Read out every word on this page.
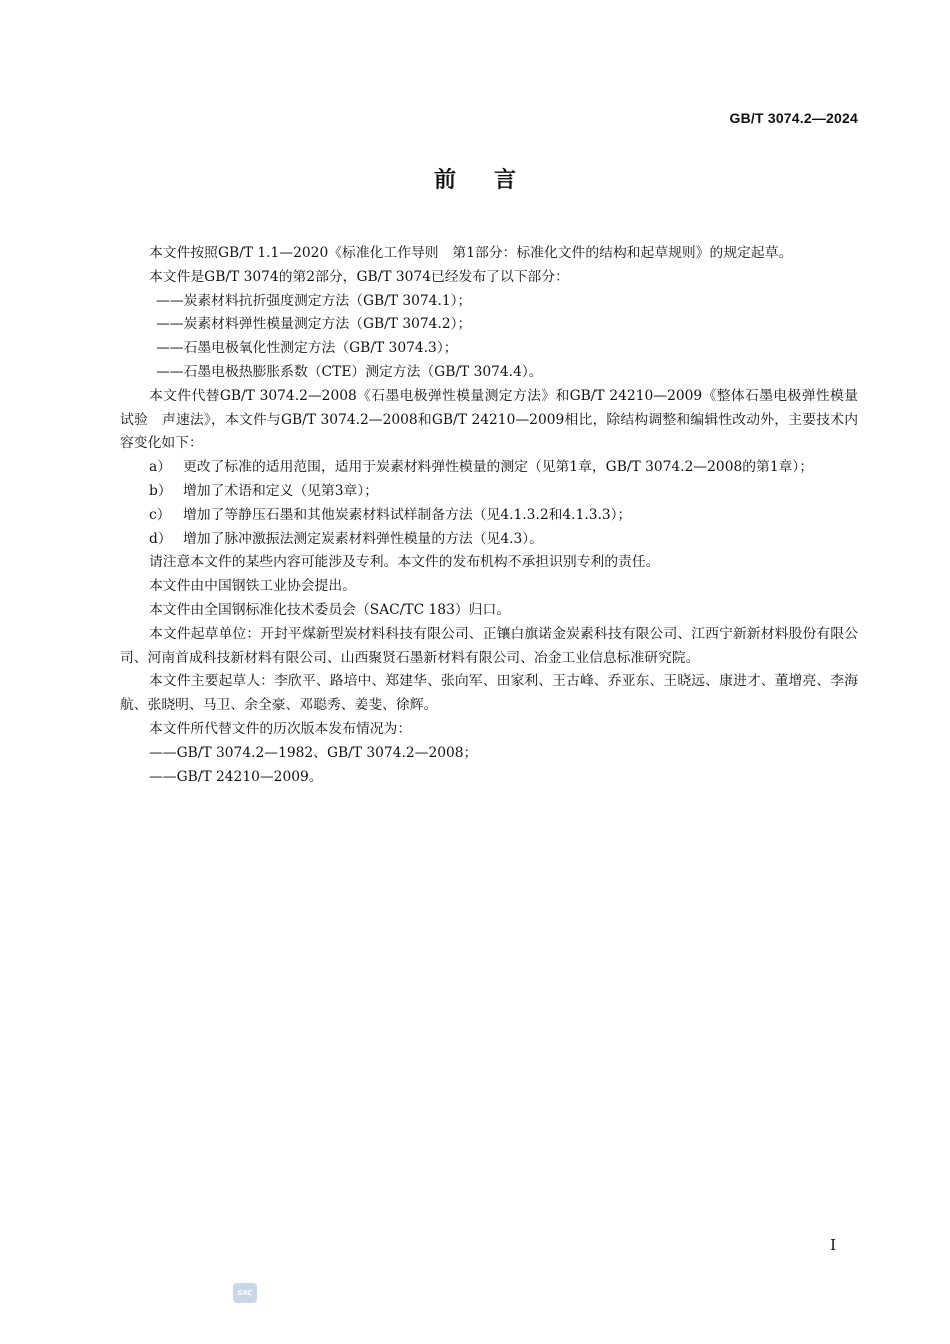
GB/T 3074.2—2024
前言

本文件按照GB/T 1.1—2020《标准化工作导则　第1部分：标准化文件的结构和起草规则》的规定起草。

本文件是GB/T 3074的第2部分，GB/T 3074已经发布了以下部分：

——炭素材料抗折强度测定方法（GB/T 3074.1）；

——炭素材料弹性模量测定方法（GB/T 3074.2）；

——石墨电极氧化性测定方法（GB/T 3074.3）；

——石墨电极热膨胀系数（CTE）测定方法（GB/T 3074.4）。

本文件代替GB/T 3074.2—2008《石墨电极弹性模量测定方法》和GB/T 24210—2009《整体石墨电极弹性模量试验　声速法》，本文件与GB/T 3074.2—2008和GB/T 24210—2009相比，除结构调整和编辑性改动外，主要技术内容变化如下：

a） 更改了标准的适用范围，适用于炭素材料弹性模量的测定（见第1章，GB/T 3074.2—2008的第1章）；
b） 增加了术语和定义（见第3章）；
c） 增加了等静压石墨和其他炭素材料试样制备方法（见4.1.3.2和4.1.3.3）；
d） 增加了脉冲激振法测定炭素材料弹性模量的方法（见4.3）。

请注意本文件的某些内容可能涉及专利。本文件的发布机构不承担识别专利的责任。

本文件由中国钢铁工业协会提出。

本文件由全国钢标准化技术委员会（SAC/TC 183）归口。

本文件起草单位：开封平煤新型炭材料科技有限公司、正镶白旗诺金炭素科技有限公司、江西宁新新材料股份有限公司、河南首成科技新材料有限公司、山西聚贤石墨新材料有限公司、冶金工业信息标准研究院。

本文件主要起草人：李欣平、路培中、郑建华、张向军、田家利、王古峰、乔亚东、王晓远、康进才、董增亮、李海航、张晓明、马卫、余全豪、邓聪秀、姜斐、徐辉。

本文件所代替文件的历次版本发布情况为：

——GB/T 3074.2—1982、GB/T 3074.2—2008；

——GB/T 24210—2009。

I
SAC
